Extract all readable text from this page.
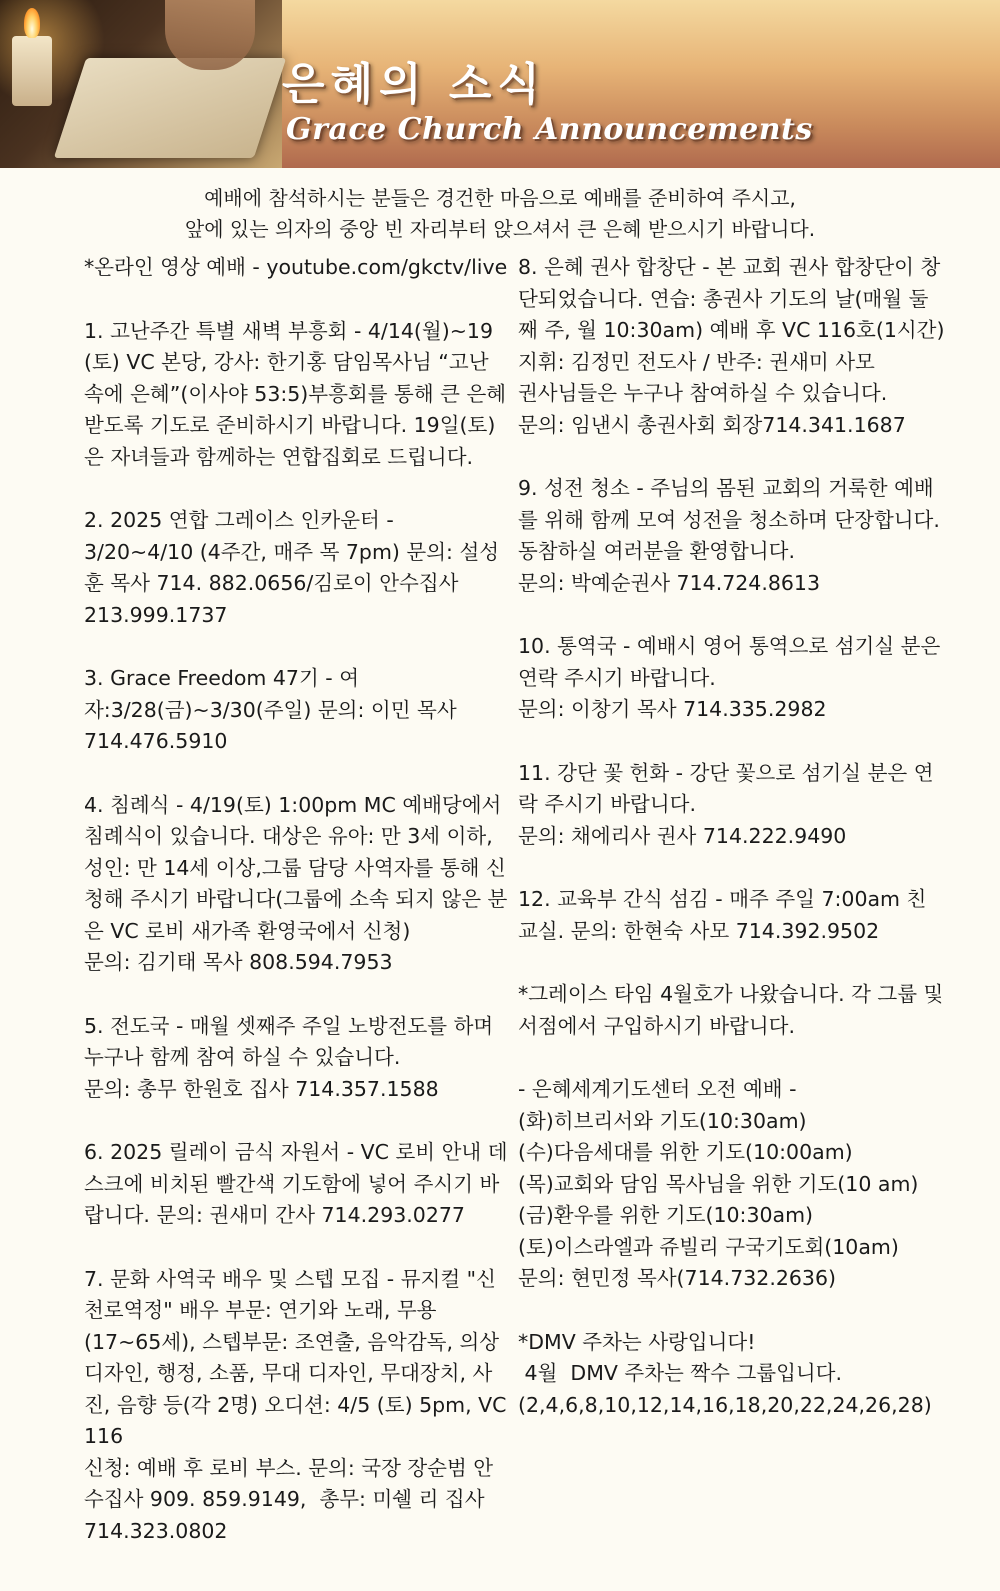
은혜의 소식
Grace Church Announcements
예배에 참석하시는 분들은 경건한 마음으로 예배를 준비하여 주시고,
앞에 있는 의자의 중앙 빈 자리부터 앉으셔서 큰 은혜 받으시기 바랍니다.
*온라인 영상 예배 - youtube.com/gkctv/live
1. 고난주간 특별 새벽 부흥회 - 4/14(월)~19 (토) VC 본당, 강사: 한기홍 담임목사님 “고난 속에 은혜”(이사야 53:5)부흥회를 통해 큰 은혜 받도록 기도로 준비하시기 바랍니다. 19일(토)은 자녀들과 함께하는 연합집회로 드립니다.
2. 2025 연합 그레이스 인카운터 - 3/20~4/10 (4주간, 매주 목 7pm) 문의: 설성훈 목사 714. 882.0656/김로이 안수집사 213.999.1737
3. Grace Freedom 47기 - 여자:3/28(금)~3/30(주일) 문의: 이민 목사 714.476.5910
4. 침례식 - 4/19(토) 1:00pm MC 예배당에서 침례식이 있습니다. 대상은 유아: 만 3세 이하, 성인: 만 14세 이상,그룹 담당 사역자를 통해 신청해 주시기 바랍니다(그룹에 소속 되지 않은 분은 VC 로비 새가족 환영국에서 신청)
문의: 김기태 목사 808.594.7953
5. 전도국 - 매월 셋째주 주일 노방전도를 하며 누구나 함께 참여 하실 수 있습니다.
문의: 총무 한원호 집사 714.357.1588
6. 2025 릴레이 금식 자원서 - VC 로비 안내 데스크에 비치된 빨간색 기도함에 넣어 주시기 바랍니다. 문의: 권새미 간사 714.293.0277
7. 문화 사역국 배우 및 스텝 모집 - 뮤지컬 "신천로역정" 배우 부문: 연기와 노래, 무용(17~65세), 스텝부문: 조연출, 음악감독, 의상 디자인, 행정, 소품, 무대 디자인, 무대장치, 사진, 음향 등(각 2명) 오디션: 4/5 (토) 5pm, VC 116
신청: 예배 후 로비 부스. 문의: 국장 장순범 안수집사 909. 859.9149,  총무: 미쉘 리 집사 714.323.0802
8. 은혜 권사 합창단 - 본 교회 권사 합창단이 창단되었습니다. 연습: 총권사 기도의 날(매월 둘째 주, 월 10:30am) 예배 후 VC 116호(1시간) 지휘: 김정민 전도사 / 반주: 권새미 사모
권사님들은 누구나 참여하실 수 있습니다.
문의: 임낸시 총권사회 회장714.341.1687
9. 성전 청소 - 주님의 몸된 교회의 거룩한 예배를 위해 함께 모여 성전을 청소하며 단장합니다. 동참하실 여러분을 환영합니다.
문의: 박예순권사 714.724.8613
10. 통역국 - 예배시 영어 통역으로 섬기실 분은 연락 주시기 바랍니다.
문의: 이창기 목사 714.335.2982
11. 강단 꽃 헌화 - 강단 꽃으로 섬기실 분은 연락 주시기 바랍니다.
문의: 채에리사 권사 714.222.9490
12. 교육부 간식 섬김 - 매주 주일 7:00am 친교실. 문의: 한현숙 사모 714.392.9502
*그레이스 타임 4월호가 나왔습니다. 각 그룹 및 서점에서 구입하시기 바랍니다.
- 은혜세계기도센터 오전 예배 -
(화)히브리서와 기도(10:30am)
(수)다음세대를 위한 기도(10:00am)
(목)교회와 담임 목사님을 위한 기도(10 am)
(금)환우를 위한 기도(10:30am)
(토)이스라엘과 쥬빌리 구국기도회(10am)
문의: 현민정 목사(714.732.2636)
*DMV 주차는 사랑입니다!
4월  DMV 주차는 짝수 그룹입니다.
(2,4,6,8,10,12,14,16,18,20,22,24,26,28)
